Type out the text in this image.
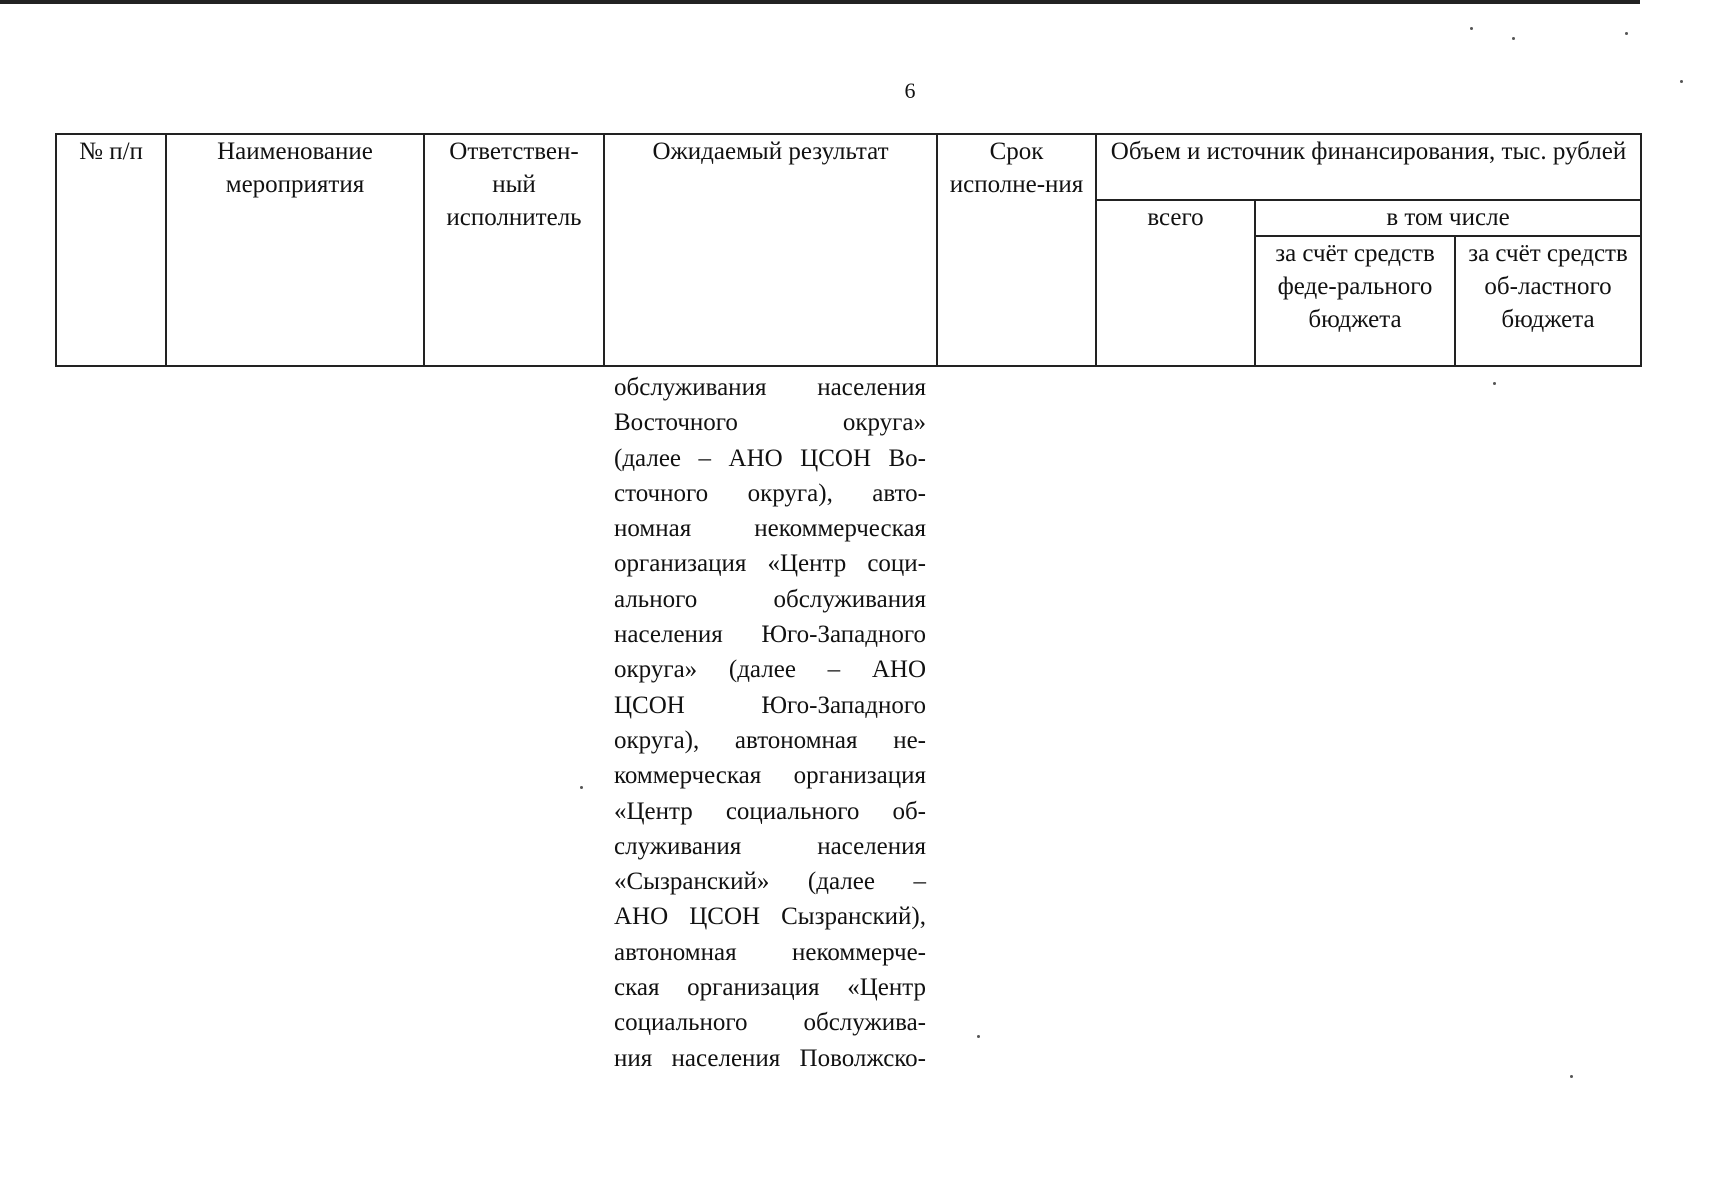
6
№ п/п	Наименование мероприятия	Ответствен-ный исполнитель	Ожидаемый результат	Срок исполне-ния	Объем и источник финансирования, тыс. рублей		
					всего	в том числе	
						за счёт средств феде-рального бюджета	за счёт средств об-ластного бюджета
обслуживания населения
Восточного округа»
(далее – АНО ЦСОН Во-
сточного округа), авто-
номная некоммерческая
организация «Центр соци-
ального обслуживания
населения Юго-Западного
округа» (далее – АНО
ЦСОН Юго-Западного
округа), автономная не-
коммерческая организация
«Центр социального об-
служивания населения
«Сызранский» (далее –
АНО ЦСОН Сызранский),
автономная некоммерче-
ская организация «Центр
социального обслужива-
ния населения Поволжско-
